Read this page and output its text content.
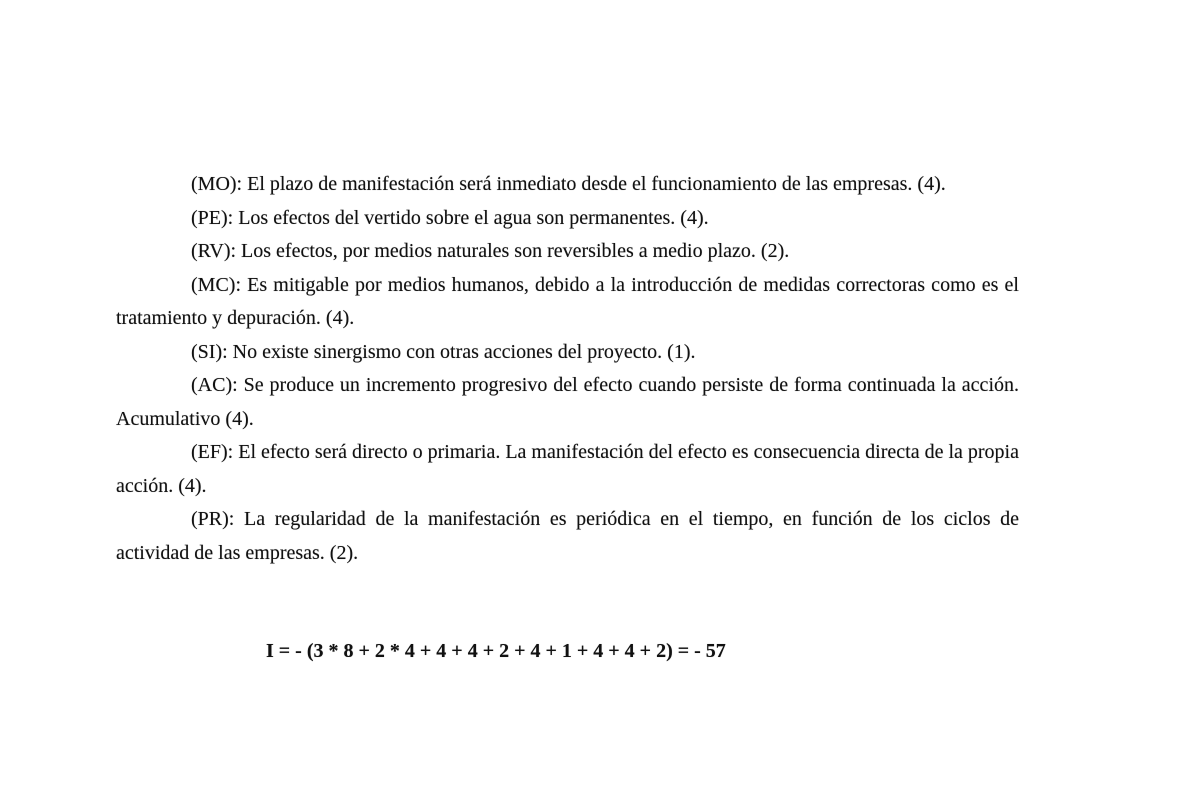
(MO): El plazo de manifestación será inmediato desde el funcionamiento de las empresas. (4).

(PE): Los efectos del vertido sobre el agua son permanentes. (4).

(RV): Los efectos, por medios naturales son reversibles a medio plazo. (2).

(MC): Es mitigable por medios humanos, debido a la introducción de medidas correctoras como es el tratamiento y depuración. (4).

(SI): No existe sinergismo con otras acciones del proyecto. (1).

(AC): Se produce un incremento progresivo del efecto cuando persiste de forma continuada la acción. Acumulativo (4).

(EF): El efecto será directo o primaria. La manifestación del efecto es consecuencia directa de la propia acción. (4).

(PR): La regularidad de la manifestación es periódica en el tiempo, en función de los ciclos de actividad de las empresas. (2).

I = - (3 * 8 + 2 * 4 + 4 + 4 + 2 + 4 + 1 + 4 + 4 + 2) = - 57
